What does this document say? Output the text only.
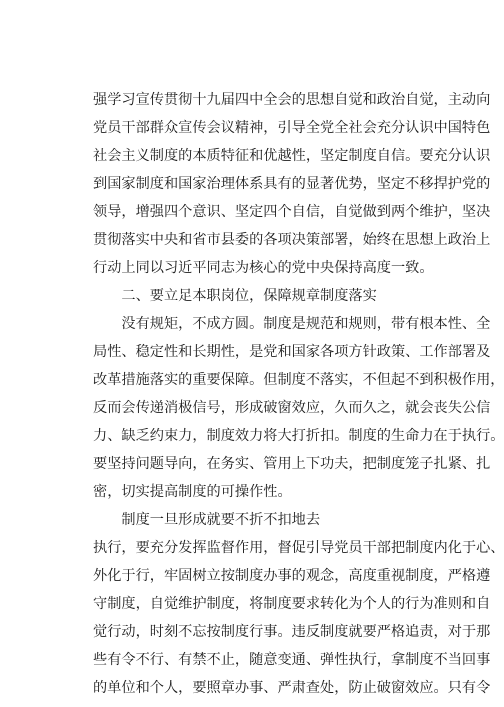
强学习宣传贯彻十九届四中全会的思想自觉和政治自觉，主动向
党员干部群众宣传会议精神，引导全党全社会充分认识中国特色
社会主义制度的本质特征和优越性，坚定制度自信。要充分认识
到国家制度和国家治理体系具有的显著优势，坚定不移捍护党的
领导，增强四个意识、坚定四个自信，自觉做到两个维护，坚决
贯彻落实中央和省市县委的各项决策部署，始终在思想上政治上
行动上同以习近平同志为核心的党中央保持高度一致。
　　二、要立足本职岗位，保障规章制度落实
　　没有规矩，不成方圆。制度是规范和规则，带有根本性、全
局性、稳定性和长期性，是党和国家各项方针政策、工作部署及
改革措施落实的重要保障。但制度不落实，不但起不到积极作用，
反而会传递消极信号，形成破窗效应，久而久之，就会丧失公信
力、缺乏约束力，制度效力将大打折扣。制度的生命力在于执行。
要坚持问题导向，在务实、管用上下功夫，把制度笼子扎紧、扎
密，切实提高制度的可操作性。
　　制度一旦形成就要不折不扣地去
执行，要充分发挥监督作用，督促引导党员干部把制度内化于心、
外化于行，牢固树立按制度办事的观念，高度重视制度，严格遵
守制度，自觉维护制度，将制度要求转化为个人的行为准则和自
觉行动，时刻不忘按制度行事。违反制度就要严格追责，对于那
些有令不行、有禁不止，随意变通、弹性执行，拿制度不当回事
的单位和个人，要照章办事、严肃查处，防止破窗效应。只有令
